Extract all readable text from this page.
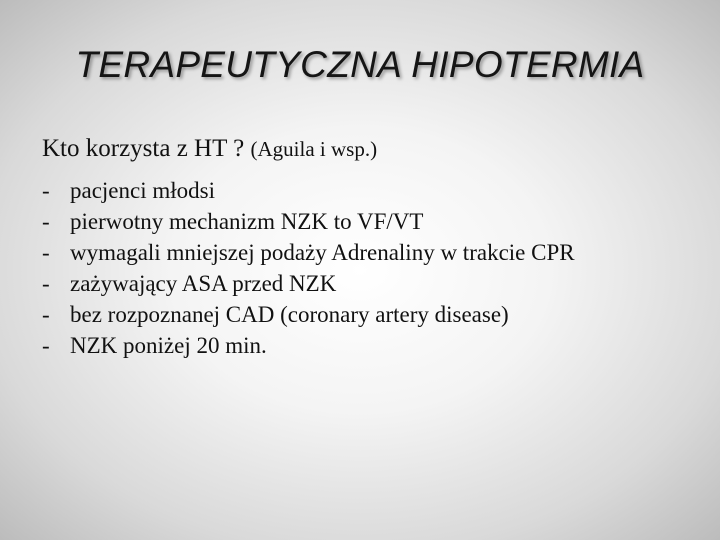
TERAPEUTYCZNA HIPOTERMIA
Kto korzysta z HT ? (Aguila i wsp.)
- pacjenci młodsi
- pierwotny mechanizm NZK to VF/VT
- wymagali mniejszej podaży Adrenaliny w trakcie CPR
- zażywający ASA przed NZK
- bez rozpoznanej CAD (coronary artery disease)
- NZK poniżej 20 min.
